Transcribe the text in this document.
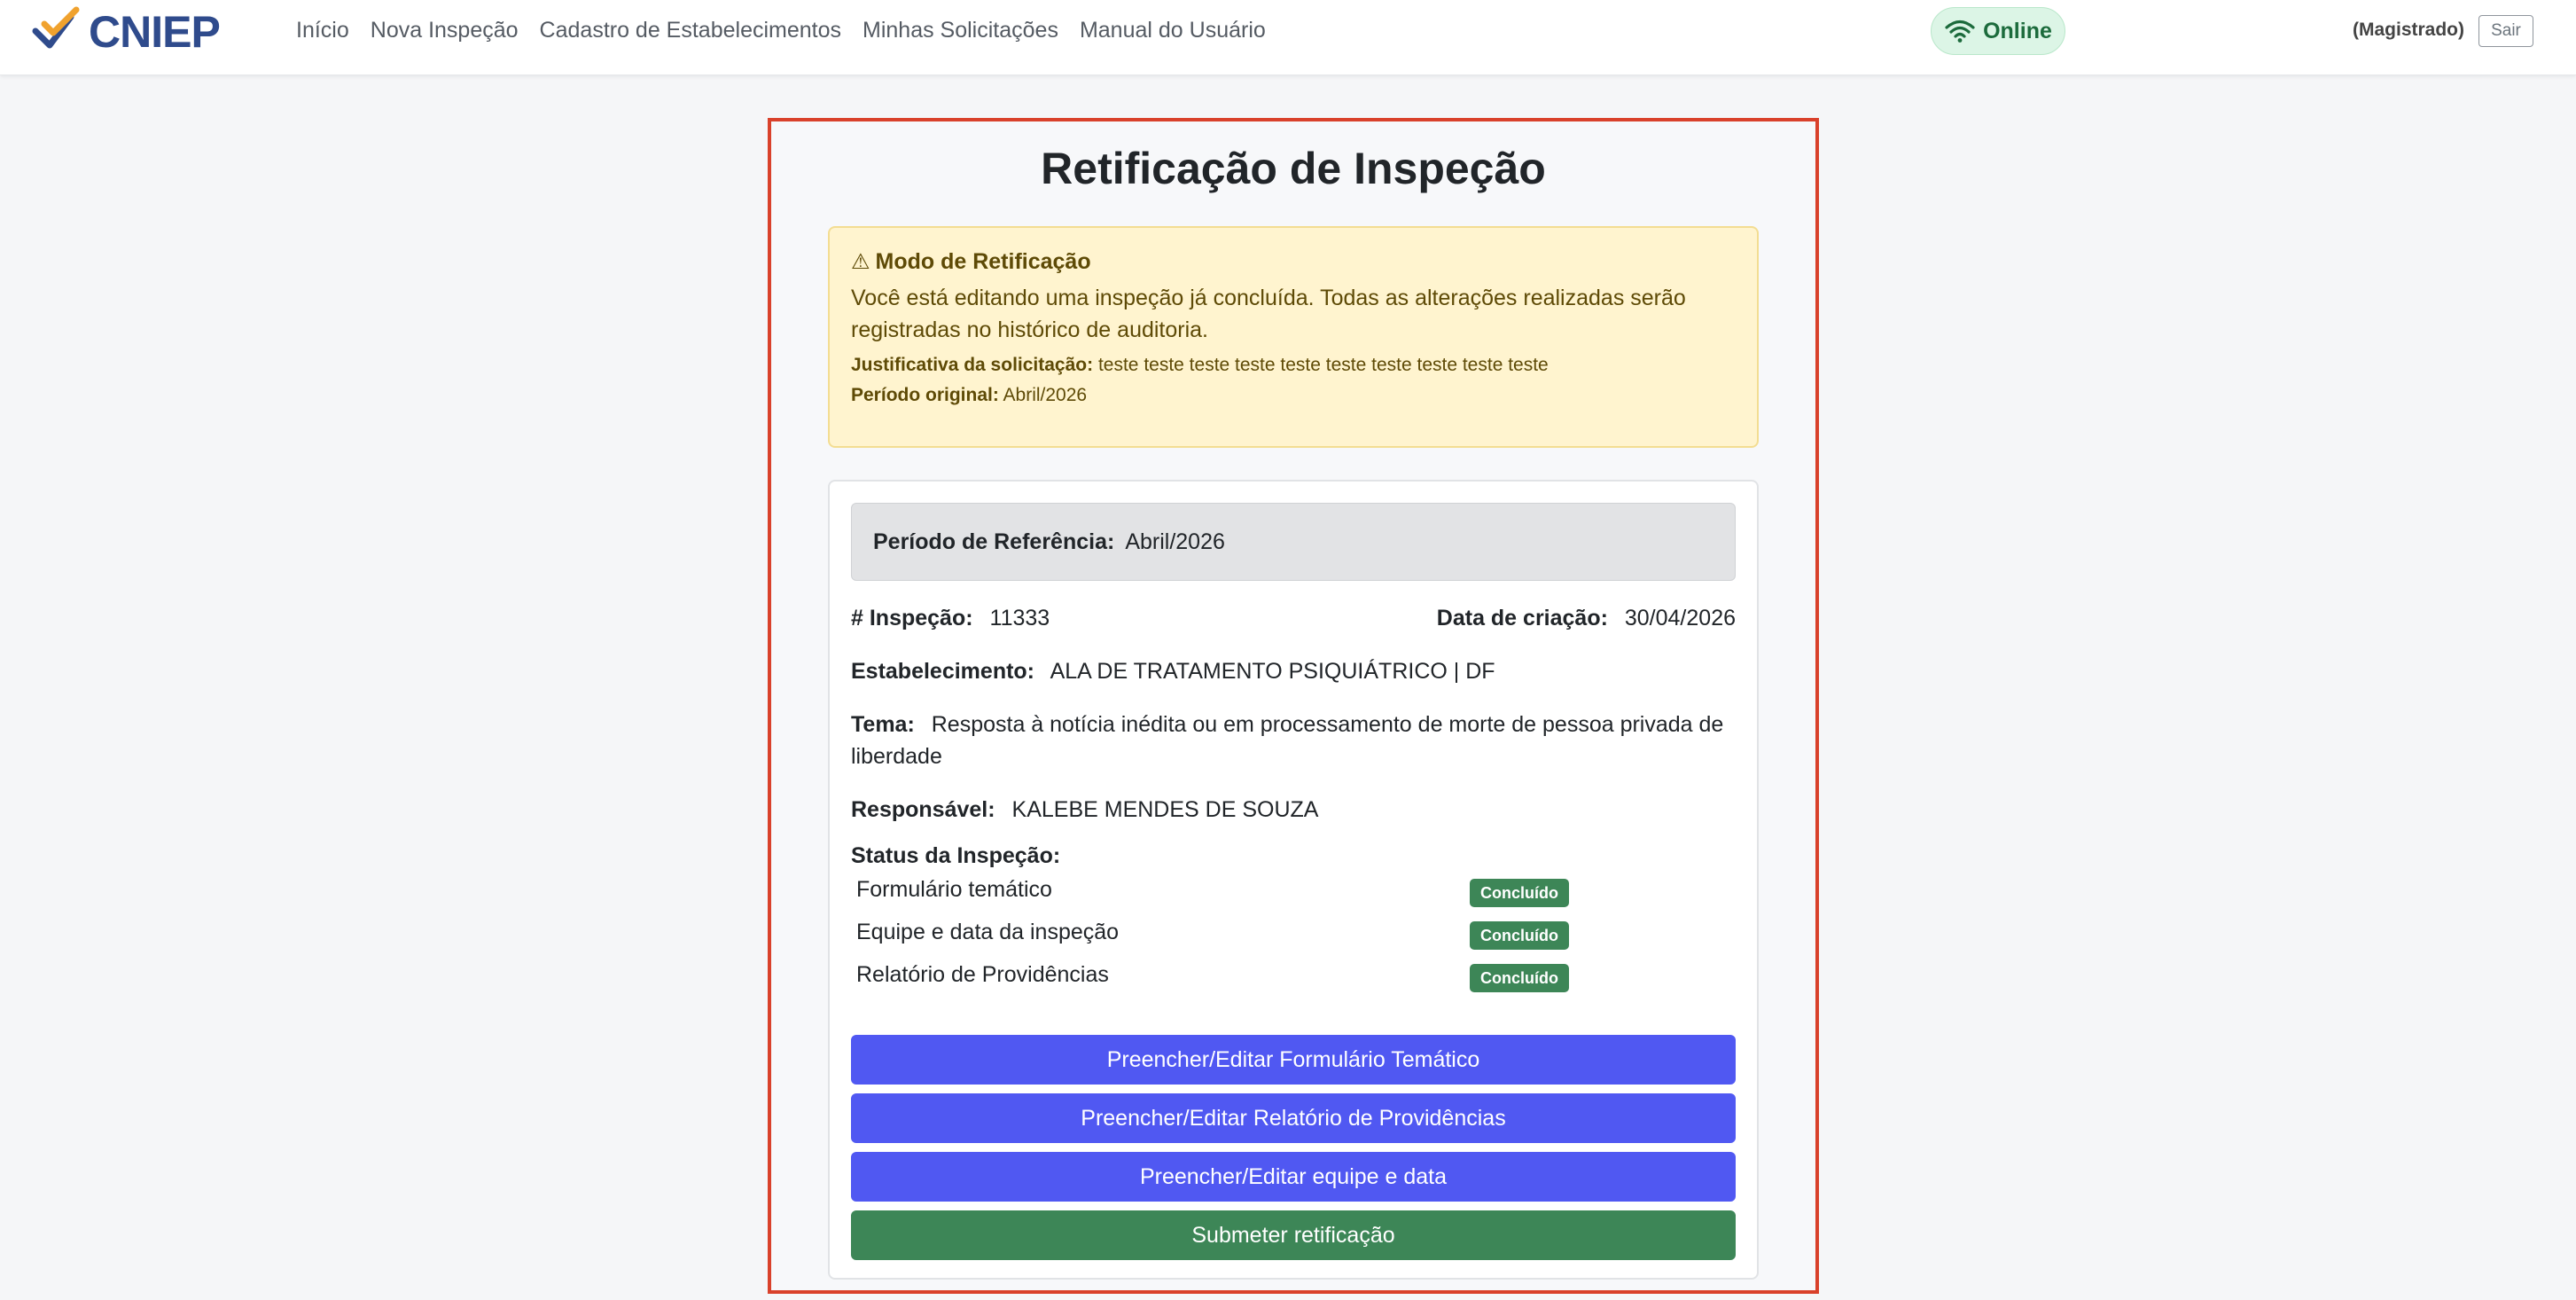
CNIEP	Início Nova Inspeção Cadastro de Estabelecimentos Minhas Solicitações Manual do Usuário	Online	(Magistrado)	Sair
Retificação de Inspeção
⚠ Modo de Retificação
Você está editando uma inspeção já concluída. Todas as alterações realizadas serão registradas no histórico de auditoria.
Justificativa da solicitação: teste teste teste teste teste teste teste teste teste teste
Período original: Abril/2026
Período de Referência: Abril/2026
# Inspeção: 11333	Data de criação: 30/04/2026
Estabelecimento: ALA DE TRATAMENTO PSIQUIÁTRICO | DF
Tema: Resposta à notícia inédita ou em processamento de morte de pessoa privada de liberdade
Responsável: KALEBE MENDES DE SOUZA
Status da Inspeção:
Formulário temático	Concluído
Equipe e data da inspeção	Concluído
Relatório de Providências	Concluído
Preencher/Editar Formulário Temático
Preencher/Editar Relatório de Providências
Preencher/Editar equipe e data
Submeter retificação
